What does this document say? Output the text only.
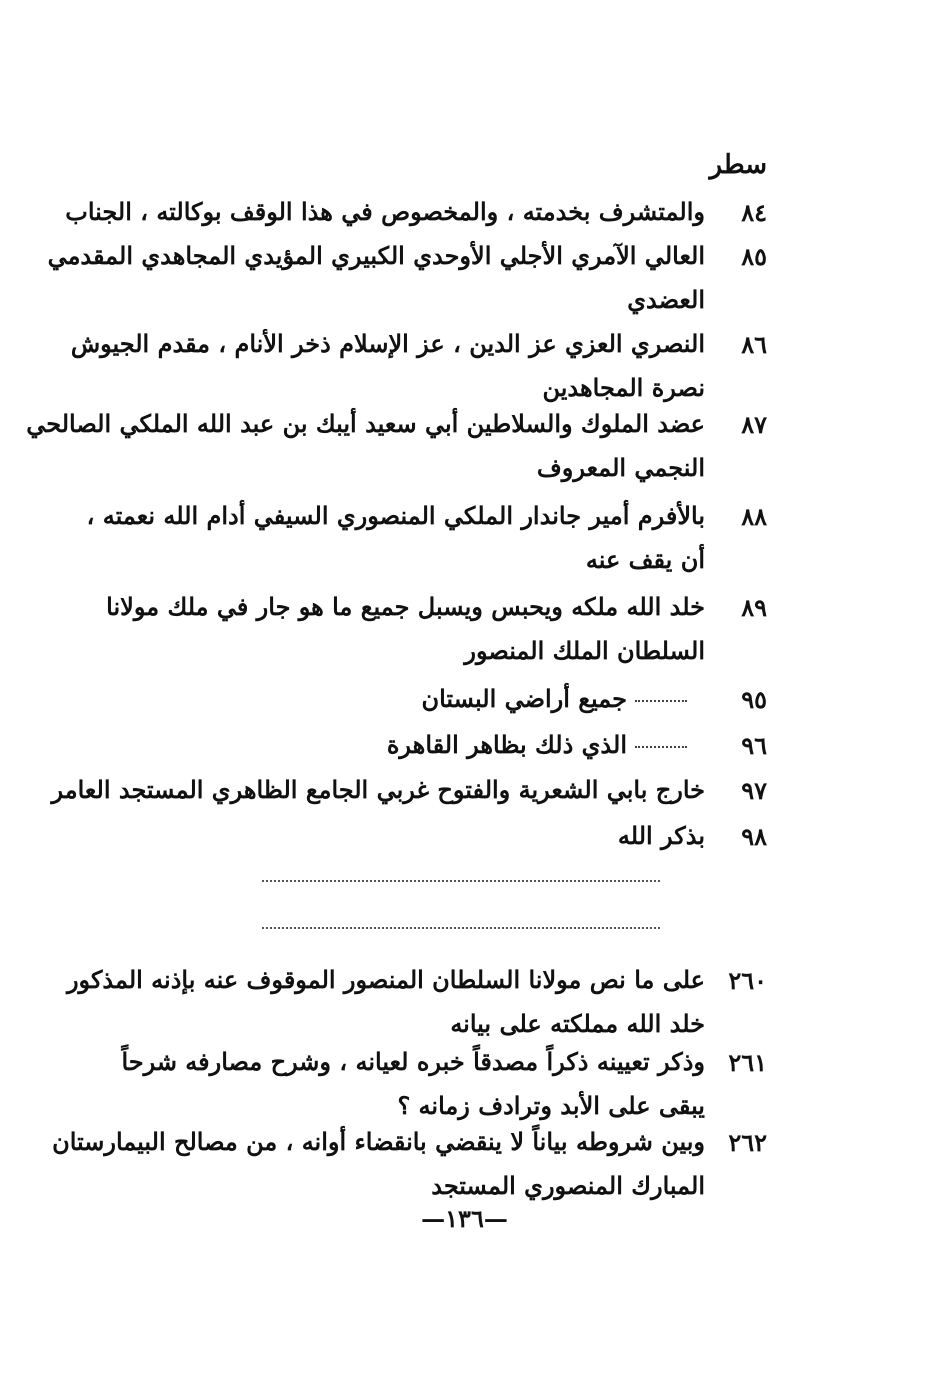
سطر
٨٤
والمتشرف بخدمته ، والمخصوص في هذا الوقف بوكالته ، الجناب
٨٥
العالي الآمري الأجلي الأوحدي الكبيري المؤيدي المجاهدي المقدمي
العضدي
٨٦
النصري العزي عز الدين ، عز الإسلام ذخر الأنام ، مقدم الجيوش
نصرة المجاهدين
٨٧
عضد الملوك والسلاطين أبي سعيد أيبك بن عبد الله الملكي الصالحي
النجمي المعروف
٨٨
بالأفرم أمير جاندار الملكي المنصوري السيفي أدام الله نعمته ،
أن يقف عنه
٨٩
خلد الله ملكه ويحبس ويسبل جميع ما هو جار في ملك مولانا
السلطان الملك المنصور
٩٥
جميع أراضي البستان
٩٦
الذي ذلك بظاهر القاهرة
٩٧
خارج بابي الشعرية والفتوح غربي الجامع الظاهري المستجد العامر
٩٨
بذكر الله
٢٦٠
على ما نص مولانا السلطان المنصور الموقوف عنه بإذنه المذكور
خلد الله مملكته على بيانه
٢٦١
وذكر تعيينه ذكراً مصدقاً خبره لعيانه ، وشرح مصارفه شرحاً
يبقى على الأبد وترادف زمانه ؟
٢٦٢
وبين شروطه بياناً لا ينقضي بانقضاء أوانه ، من مصالح البيمارستان
المبارك المنصوري المستجد
—١٣٦—
